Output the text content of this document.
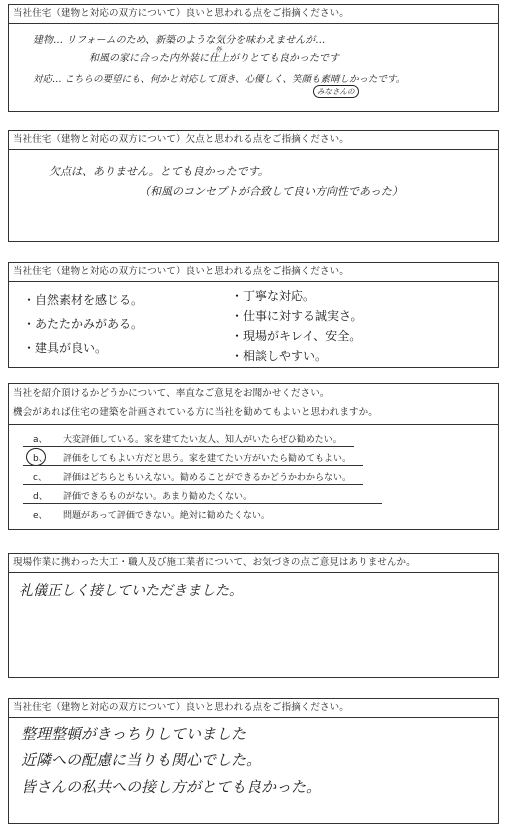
当社住宅（建物と対応の双方について）良いと思われる点をご指摘ください。
建物… リフォームのため、新築のような気分を味わえませんが…
外
和風の家に合った内外装に仕上がりとても良かったです
対応… こちらの要望にも、何かと対応して頂き、心優しく、笑顔も素晴しかったです。
みなさんの
当社住宅（建物と対応の双方について）欠点と思われる点をご指摘ください。
欠点は、ありません。とても良かったです。
（和風のコンセプトが合致して良い方向性であった）
当社住宅（建物と対応の双方について）良いと思われる点をご指摘ください。
・自然素材を感じる。
・あたたかみがある。
・建具が良い。
・丁寧な対応。
・仕事に対する誠実さ。
・現場がキレイ、安全。
・相談しやすい。
当社を紹介頂けるかどうかについて、率直なご意見をお聞かせください。
機会があれば住宅の建築を計画されている方に当社を勧めてもよいと思われますか。
a、 大変評価している。家を建てたい友人、知人がいたらぜひ勧めたい。
b、 評価をしてもよい方だと思う。家を建てたい方がいたら勧めてもよい。
c、 評価はどちらともいえない。勧めることができるかどうかわからない。
d、 評価できるものがない。あまり勧めたくない。
e、 問題があって評価できない。絶対に勧めたくない。
現場作業に携わった大工・職人及び施工業者について、お気づきの点ご意見はありませんか。
礼儀正しく接していただきました。
当社住宅（建物と対応の双方について）良いと思われる点をご指摘ください。
整理整頓がきっちりしていました
近隣への配慮に当りも関心でした。
皆さんの私共への接し方がとても良かった。
